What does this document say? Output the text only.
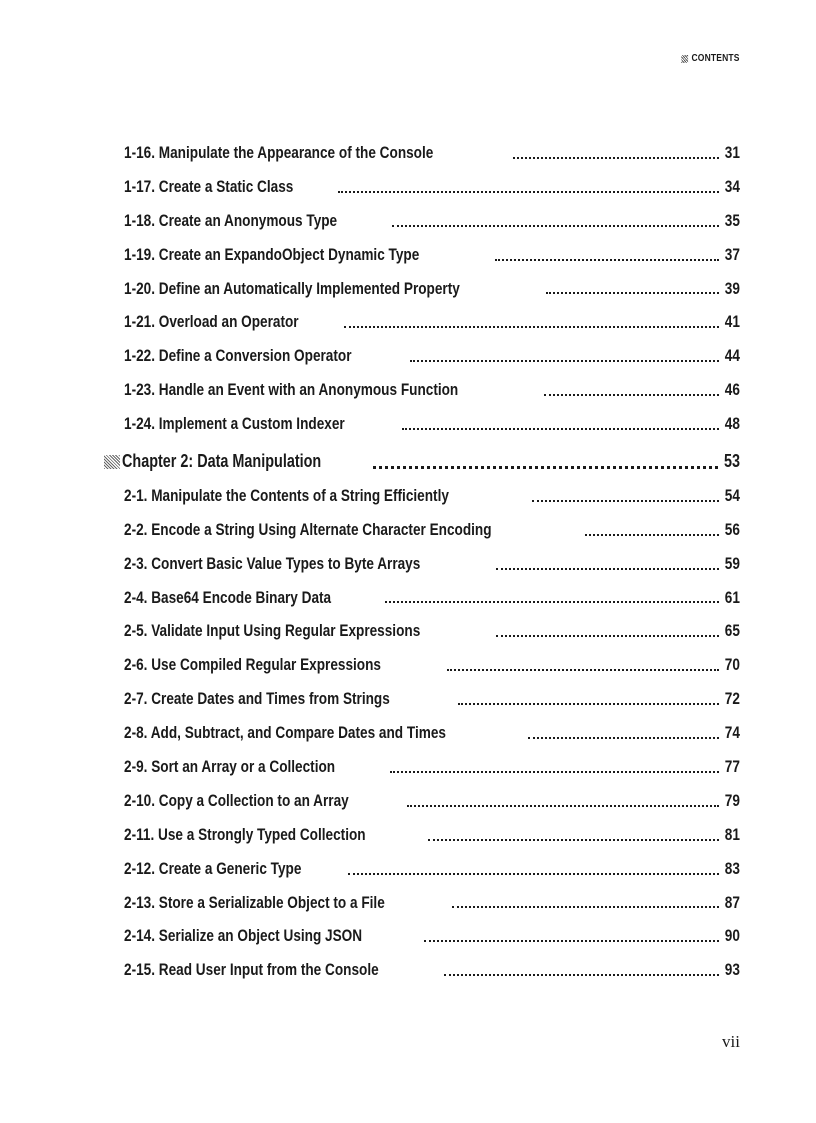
CONTENTS
1-16. Manipulate the Appearance of the Console	31
1-17. Create a Static Class	34
1-18. Create an Anonymous Type	35
1-19. Create an ExpandoObject Dynamic Type	37
1-20. Define an Automatically Implemented Property	39
1-21. Overload an Operator	41
1-22. Define a Conversion Operator	44
1-23. Handle an Event with an Anonymous Function	46
1-24. Implement a Custom Indexer	48
Chapter 2: Data Manipulation	53
2-1. Manipulate the Contents of a String Efficiently	54
2-2. Encode a String Using Alternate Character Encoding	56
2-3. Convert Basic Value Types to Byte Arrays	59
2-4. Base64 Encode Binary Data	61
2-5. Validate Input Using Regular Expressions	65
2-6. Use Compiled Regular Expressions	70
2-7. Create Dates and Times from Strings	72
2-8. Add, Subtract, and Compare Dates and Times	74
2-9. Sort an Array or a Collection	77
2-10. Copy a Collection to an Array	79
2-11. Use a Strongly Typed Collection	81
2-12. Create a Generic Type	83
2-13. Store a Serializable Object to a File	87
2-14. Serialize an Object Using JSON	90
2-15. Read User Input from the Console	93
vii
